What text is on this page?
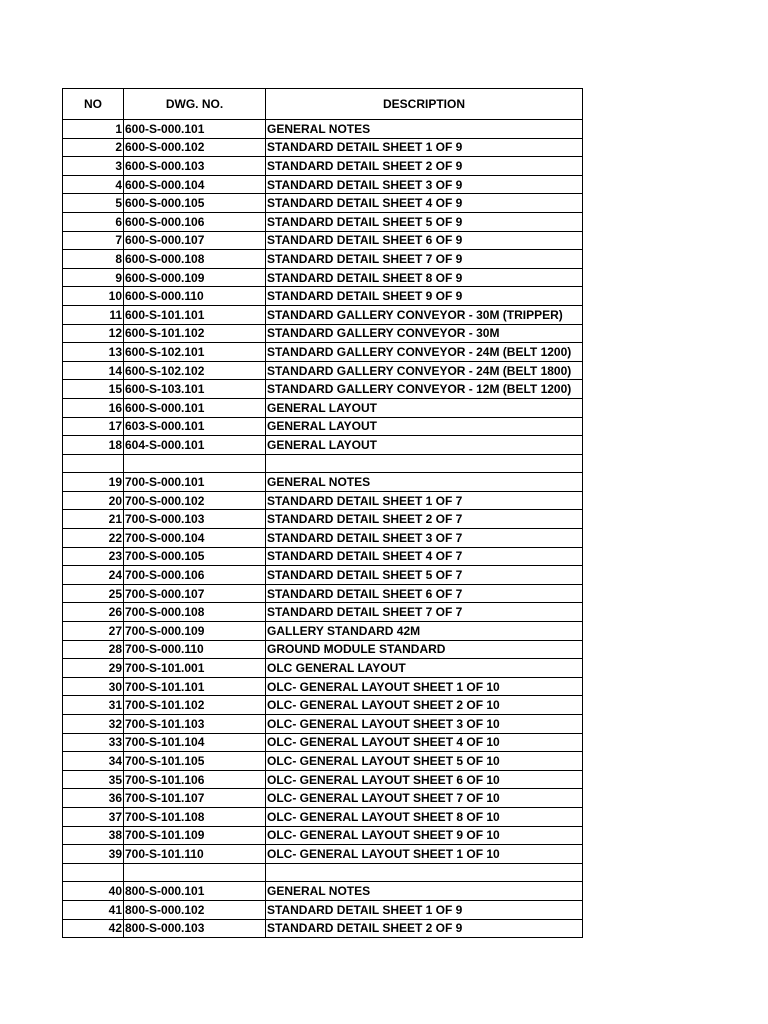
NO	DWG. NO.	DESCRIPTION
1	600-S-000.101	GENERAL NOTES
2	600-S-000.102	STANDARD DETAIL SHEET 1 OF 9
3	600-S-000.103	STANDARD DETAIL SHEET 2 OF 9
4	600-S-000.104	STANDARD DETAIL SHEET 3 OF 9
5	600-S-000.105	STANDARD DETAIL SHEET 4 OF 9
6	600-S-000.106	STANDARD DETAIL SHEET 5 OF 9
7	600-S-000.107	STANDARD DETAIL SHEET 6 OF 9
8	600-S-000.108	STANDARD DETAIL SHEET 7 OF 9
9	600-S-000.109	STANDARD DETAIL SHEET 8 OF 9
10	600-S-000.110	STANDARD DETAIL SHEET 9 OF 9
11	600-S-101.101	STANDARD GALLERY CONVEYOR - 30M (TRIPPER)
12	600-S-101.102	STANDARD GALLERY CONVEYOR - 30M
13	600-S-102.101	STANDARD GALLERY CONVEYOR - 24M (BELT 1200)
14	600-S-102.102	STANDARD GALLERY CONVEYOR - 24M (BELT 1800)
15	600-S-103.101	STANDARD GALLERY CONVEYOR - 12M (BELT 1200)
16	600-S-000.101	GENERAL LAYOUT
17	603-S-000.101	GENERAL LAYOUT
18	604-S-000.101	GENERAL LAYOUT

19	700-S-000.101	GENERAL NOTES
20	700-S-000.102	STANDARD DETAIL SHEET 1 OF 7
21	700-S-000.103	STANDARD DETAIL SHEET 2 OF 7
22	700-S-000.104	STANDARD DETAIL SHEET 3 OF 7
23	700-S-000.105	STANDARD DETAIL SHEET 4 OF 7
24	700-S-000.106	STANDARD DETAIL SHEET 5 OF 7
25	700-S-000.107	STANDARD DETAIL SHEET 6 OF 7
26	700-S-000.108	STANDARD DETAIL SHEET 7 OF 7
27	700-S-000.109	GALLERY STANDARD 42M
28	700-S-000.110	GROUND MODULE STANDARD
29	700-S-101.001	OLC GENERAL LAYOUT
30	700-S-101.101	OLC- GENERAL LAYOUT SHEET 1 OF 10
31	700-S-101.102	OLC- GENERAL LAYOUT SHEET 2 OF 10
32	700-S-101.103	OLC- GENERAL LAYOUT SHEET 3 OF 10
33	700-S-101.104	OLC- GENERAL LAYOUT SHEET 4 OF 10
34	700-S-101.105	OLC- GENERAL LAYOUT SHEET 5 OF 10
35	700-S-101.106	OLC- GENERAL LAYOUT SHEET 6 OF 10
36	700-S-101.107	OLC- GENERAL LAYOUT SHEET 7 OF 10
37	700-S-101.108	OLC- GENERAL LAYOUT SHEET 8 OF 10
38	700-S-101.109	OLC- GENERAL LAYOUT SHEET 9 OF 10
39	700-S-101.110	OLC- GENERAL LAYOUT SHEET 1 OF 10

40	800-S-000.101	GENERAL NOTES
41	800-S-000.102	STANDARD DETAIL SHEET 1 OF 9
42	800-S-000.103	STANDARD DETAIL SHEET 2 OF 9
